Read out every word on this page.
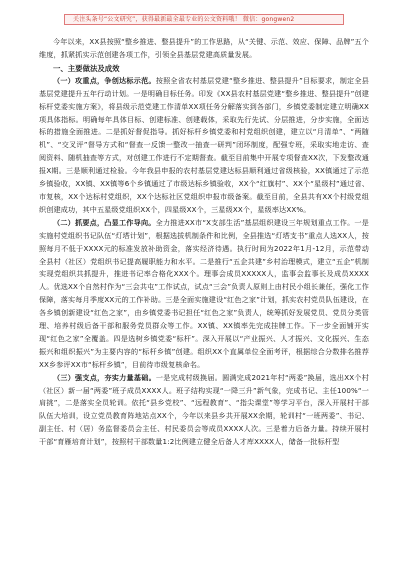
关注头条号“公文研究”，获得最新最全最专业的公文资料哦！ 微信：gongwen2

今年以来，XX县按照“整乡推进、整县提升”的工作思路，从“关键、示范、效应、保障、品牌”五个维度，抓紧抓实示范创建各项工作，引领全县基层党建高质量发展。

一、主要做法及成效

（一）攻重点，争创达标示范。按照全省农村基层党建“整乡推进、整县提升”目标要求，制定全县基层党建提升五年行动计划。一是明确目标任务。印发《XX县农村基层党建“整乡推进、整县提升”创建标杆党委实施方案》，将县级示范党建工作清单XX项任务分解落实到各部门，乡镇党委制定建立明确XX项具体指标。明确每年具体目标、创建标准、创建载体，采取先行先试、分层推进，分步实施，全面达标的措施全面推进。二是抓好督促指导。抓好标杆乡镇党委和村党组织创建，建立以“月清单”、“两随机”、“交叉评”督导方式和“督查一反馈一整改一抽查一研判”闭环制度，配强专班，采取实地走访、查阅资料、随机抽查等方式，对创建工作进行不定期督查。截至目前集中开展专项督查XX次，下发整改通报X期。三是顺利通过检验。今年我县申报的农村基层党建达标县顺利通过省级核验，XX镇通过了示范乡镇验收，XX镇、XX镇等6个乡镇通过了市级达标乡镇验收，XX个“红旗村”、XX个“星级村”通过省、市复核，XX个达标村党组织，XX个达标社区党组织申报市级备案。截至目前，全县共有XX个村级党组织创建成功，其中五星级党组织XX个，四星级XX个，三星级XX个，星级率达XX%。

（二）抓要点，凸显工作导向。全力推进XX市“X支部生活”基层组织建设三年规划重点工作。一是实施村党组织书记队伍“灯塔计划”，根据选拔机制条件和比例，全县推选“灯塔支书”重点人选XX人，按照每月不低于XXXX元的标准发放补助资金，落实经济待遇。执行时间为2022年1月-12月，示范带动全县村（社区）党组织书记提高履职能力和水平。二是推行“五企共建”乡村治理模式，建立“五企”机制实现党组织共抓提升，推进书记率合格化XXX个。理事会成员XXXXX人，监事会监事长及成员XXXX人。优选XX个自然村作为“三会共屯”工作试点，试点“三会”负责人原则上由村民小组长兼任，强化工作保障，落实每月季度XX元的工作补助。三是全面实施建设“红色之家”计划，抓实农村党员队伍建设，在各乡镇创新建设“红色之家”，由乡镇党委书记担任“红色之家”负责人，统筹抓好发展党员、党员分类管理、培养村级后备干部和服务党员群众等工作。XX镇、XX镇率先完成挂牌工作。下一步全面铺开实现“红色之家”全覆盖。四是选树乡镇党委“标杆”。深入开展以“产业振兴、人才振兴、文化振兴、生态振兴和组织振兴”为主要内容的“标杆乡镇”创建。组织XX个直属单位全面考评，根据综合分数排名推荐XX乡参评XX市“标杆乡镇”，目前待市级复核命名。

（三）强支点，夯实力量基础。一是完成村级换届。圆满完成2021年村“两委”换届，选出XX个村（社区）新一届“两委”班子成员XXXX人。班子结构实现“一降三升”新气象，完成书记、主任100%“一肩挑”，二是落实全员轮训。依托“县乡党校”、“远程教育”、“指尖课堂”等学习平台，深入开展村干部队伍大培训，设立党员教育阵地站点XX个，今年以来县乡共开展XX余期，轮训村“一班两委”、书记、副主任、村（居）务监督委员会主任、村民委员会等成员XXXX人次。三是着力后备力量。持续开展村干部“育雁培育计划”，按照村干部数量1:2比例建立健全后备人才库XXXX人，储备一批标杆型
